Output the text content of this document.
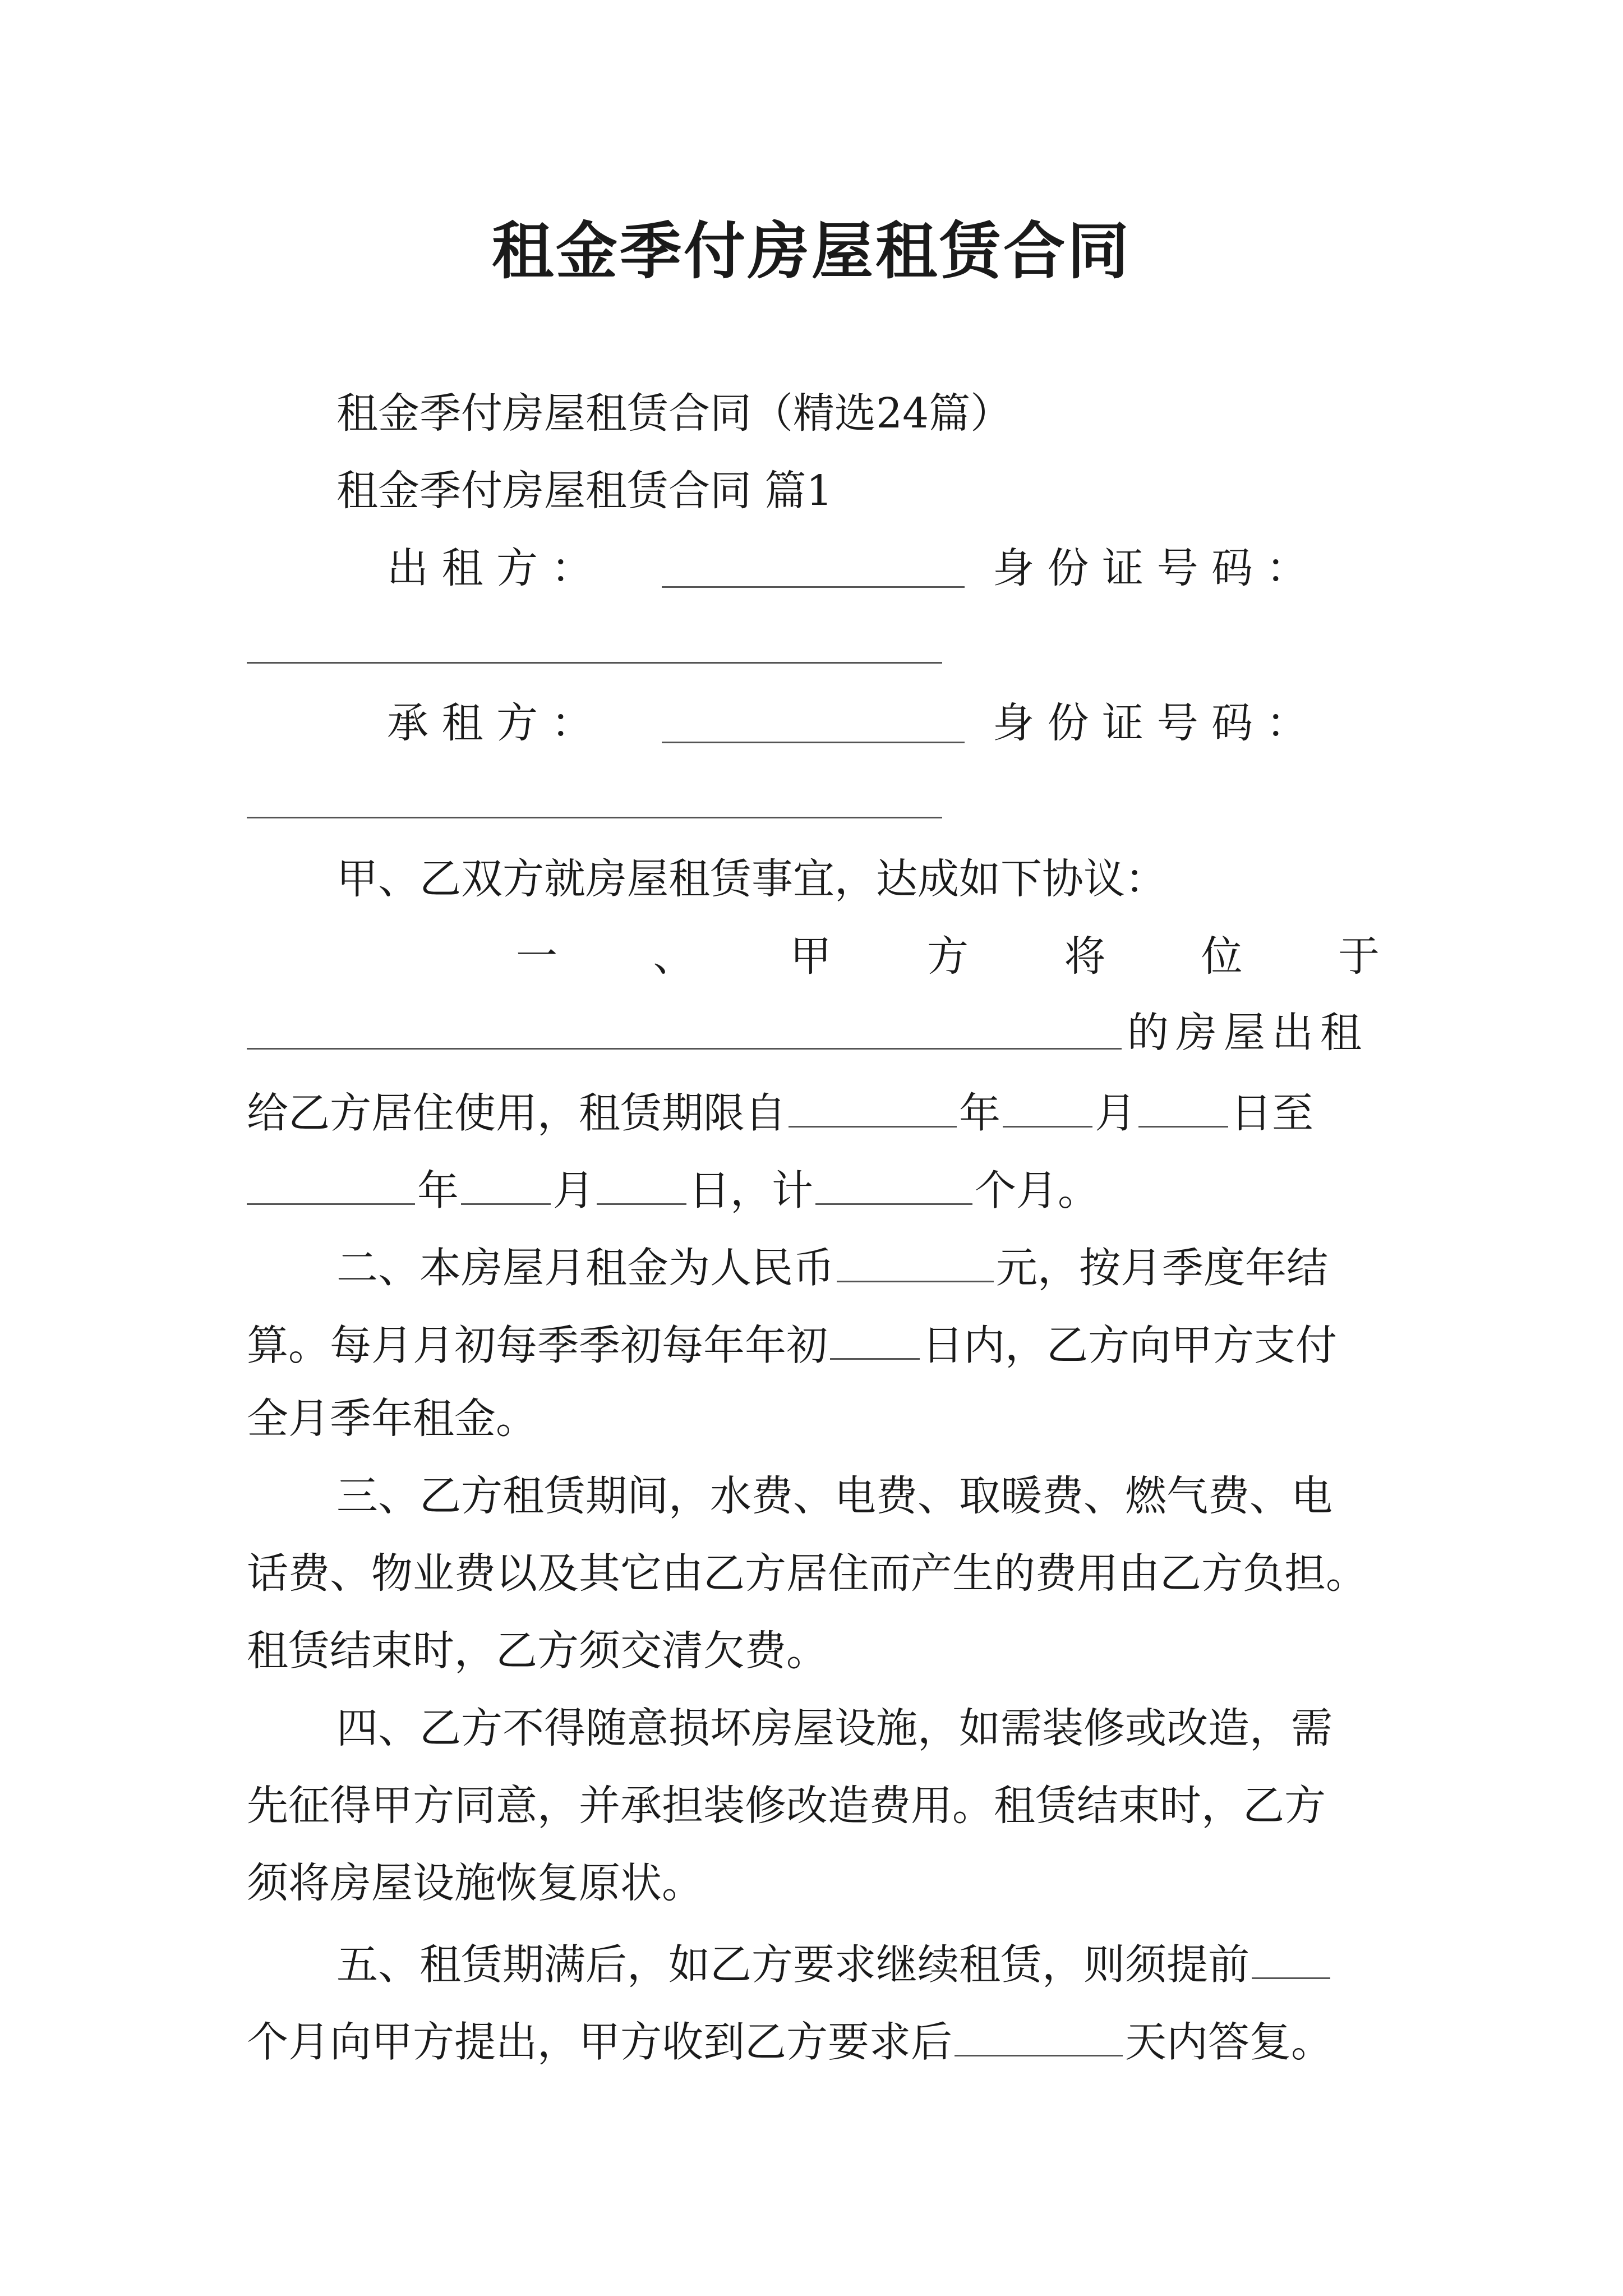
租金季付房屋租赁合同
租金季付房屋租赁合同（精选24篇）
租金季付房屋租赁合同 篇1
出 租 方 ：	身 份 证 号 码 ：
承 租 方 ：	身 份 证 号 码 ：
甲、乙双方就房屋租赁事宜，达成如下协议：
一 、 甲 方 将 位 于
的房屋出租
给乙方居住使用，租赁期限自	年 月 日至
年 月 日，计	个月。
二、本房屋月租金为人民币	元，按月季度年结
算。每月月初每季季初每年年初 日内，乙方向甲方支付
全月季年租金。
三、乙方租赁期间，水费、电费、取暖费、燃气费、电
话费、物业费以及其它由乙方居住而产生的费用由乙方负担。
租赁结束时，乙方须交清欠费。
四、乙方不得随意损坏房屋设施，如需装修或改造，需
先征得甲方同意，并承担装修改造费用。租赁结束时，乙方
须将房屋设施恢复原状。
五、租赁期满后，如乙方要求继续租赁，则须提前
个月向甲方提出，甲方收到乙方要求后	天内答复。
